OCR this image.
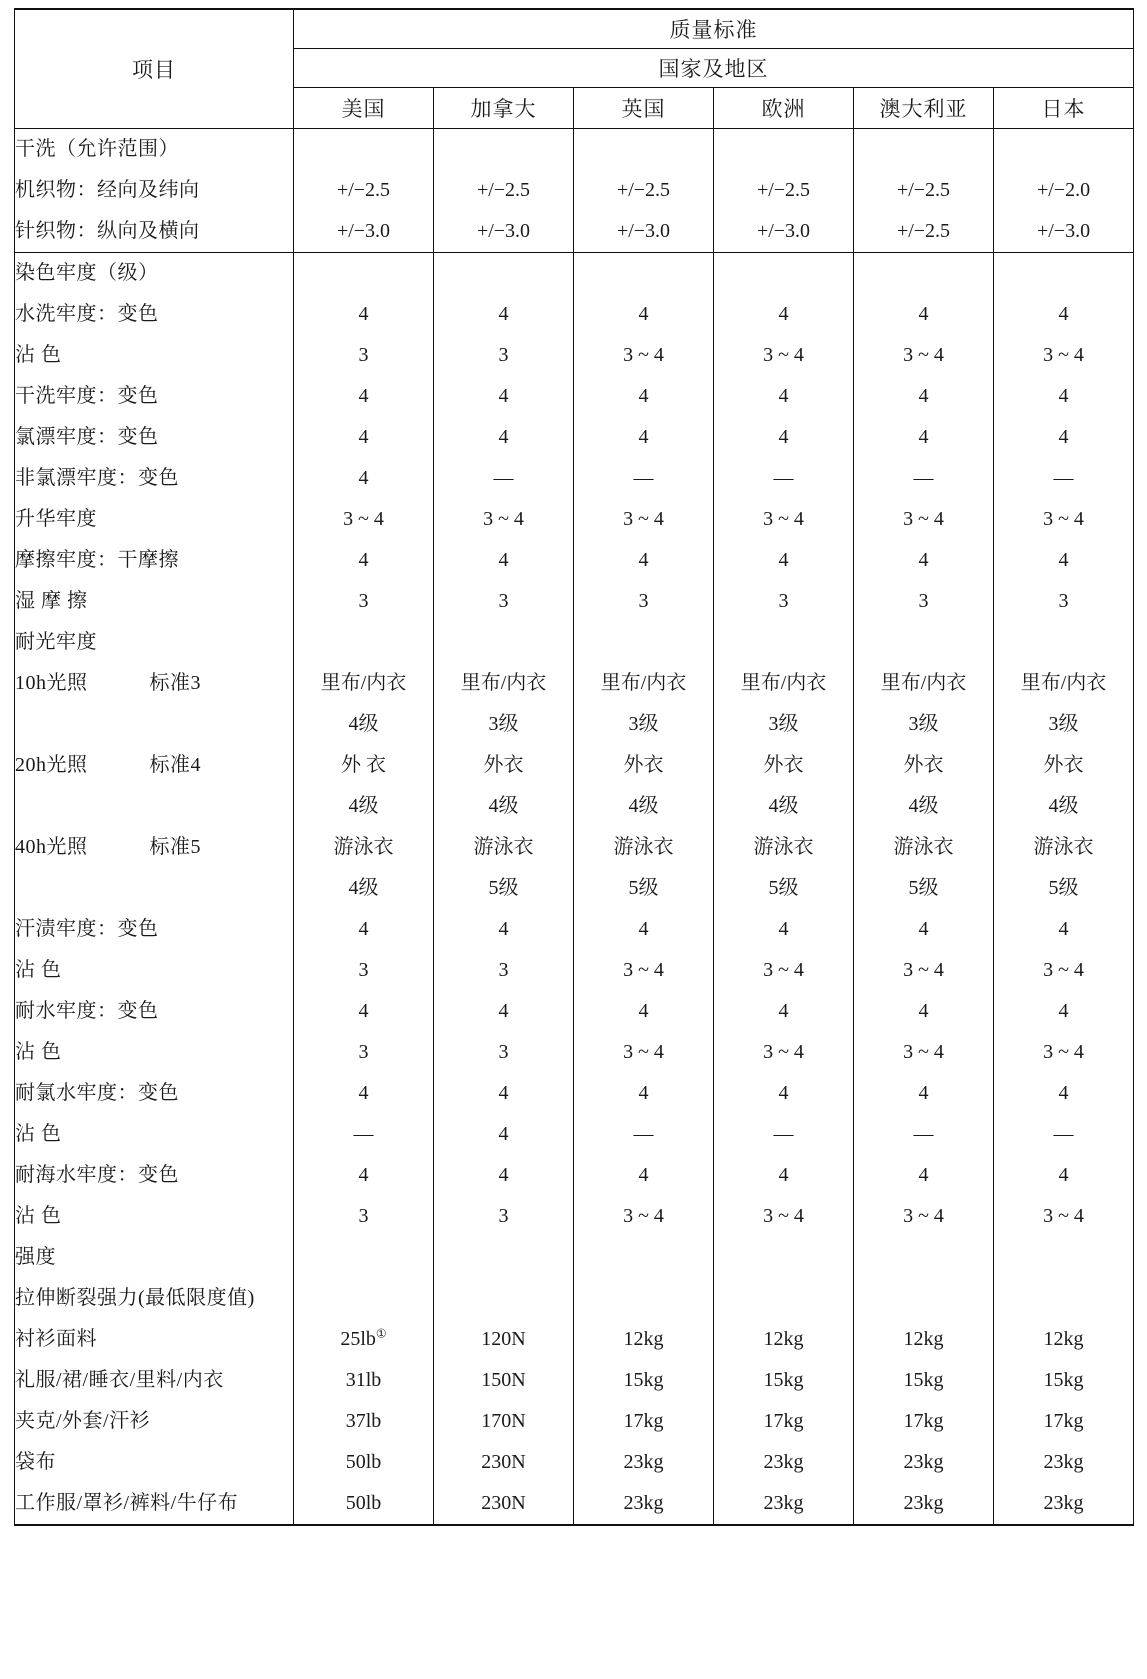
项目	质量标准					
	国家及地区					
	美国	加拿大	英国	欧洲	澳大利亚	日本
干洗（允许范围）						
机织物：经向及纬向	+/−2.5	+/−2.5	+/−2.5	+/−2.5	+/−2.5	+/−2.0
针织物：纵向及横向	+/−3.0	+/−3.0	+/−3.0	+/−3.0	+/−2.5	+/−3.0
染色牢度（级）						
水洗牢度：变色	4	4	4	4	4	4
沾 色	3	3	3 ~ 4	3 ~ 4	3 ~ 4	3 ~ 4
干洗牢度：变色	4	4	4	4	4	4
氯漂牢度：变色	4	4	4	4	4	4
非氯漂牢度：变色	4	—	—	—	—	—
升华牢度	3 ~ 4	3 ~ 4	3 ~ 4	3 ~ 4	3 ~ 4	3 ~ 4
摩擦牢度：干摩擦	4	4	4	4	4	4
湿 摩 擦	3	3	3	3	3	3
耐光牢度						
10h光照 标准3	里布/内衣	里布/内衣	里布/内衣	里布/内衣	里布/内衣	里布/内衣
	4级	3级	3级	3级	3级	3级
20h光照 标准4	外 衣	外衣	外衣	外衣	外衣	外衣
	4级	4级	4级	4级	4级	4级
40h光照 标准5	游泳衣	游泳衣	游泳衣	游泳衣	游泳衣	游泳衣
	4级	5级	5级	5级	5级	5级
汗渍牢度：变色	4	4	4	4	4	4
沾 色	3	3	3 ~ 4	3 ~ 4	3 ~ 4	3 ~ 4
耐水牢度：变色	4	4	4	4	4	4
沾 色	3	3	3 ~ 4	3 ~ 4	3 ~ 4	3 ~ 4
耐氯水牢度：变色	4	4	4	4	4	4
沾 色	—	4	—	—	—	—
耐海水牢度：变色	4	4	4	4	4	4
沾 色	3	3	3 ~ 4	3 ~ 4	3 ~ 4	3 ~ 4
强度						
拉伸断裂强力(最低限度值)						
衬衫面料	25lb①	120N	12kg	12kg	12kg	12kg
礼服/裙/睡衣/里料/内衣	31lb	150N	15kg	15kg	15kg	15kg
夹克/外套/汗衫	37lb	170N	17kg	17kg	17kg	17kg
袋布	50lb	230N	23kg	23kg	23kg	23kg
工作服/罩衫/裤料/牛仔布	50lb	230N	23kg	23kg	23kg	23kg
